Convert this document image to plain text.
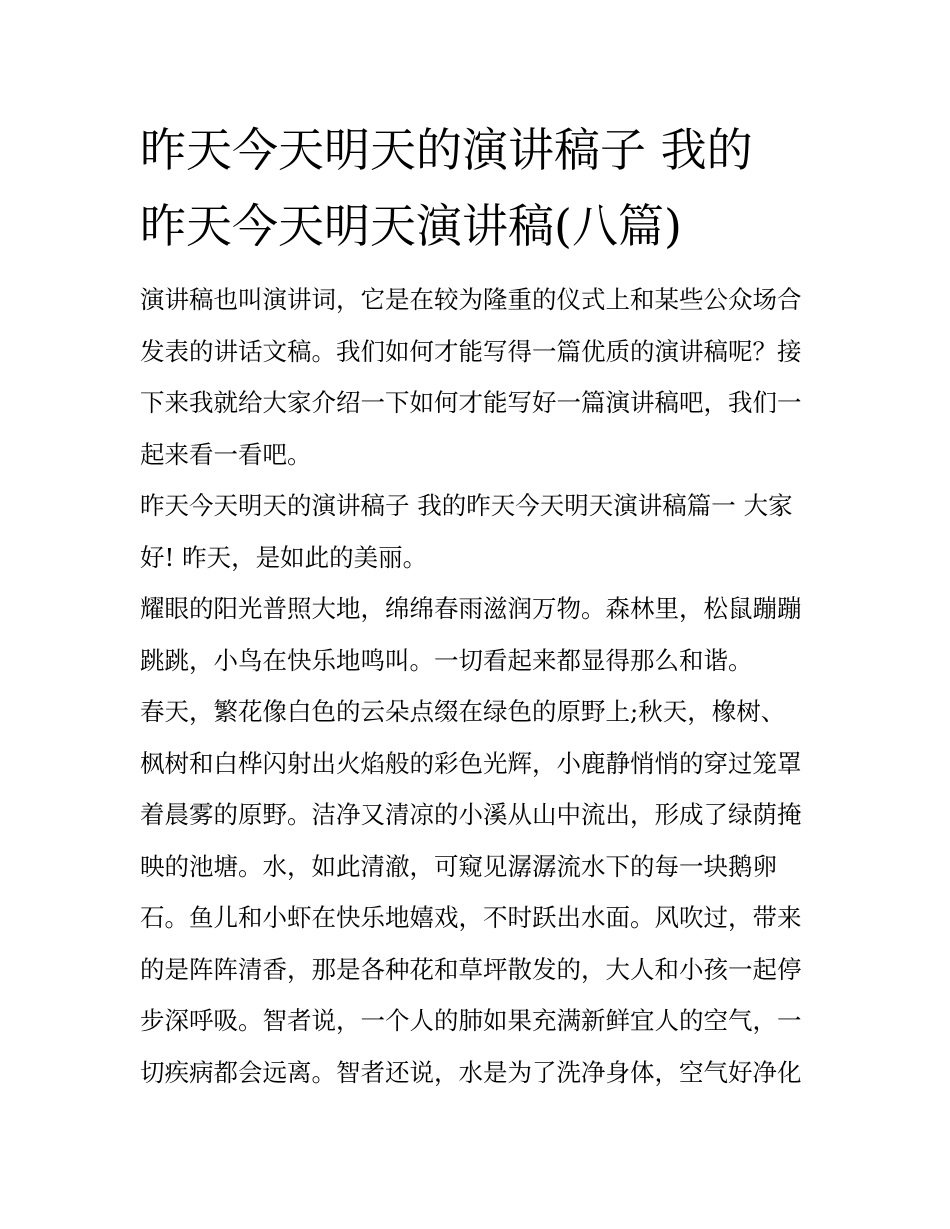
昨天今天明天的演讲稿子 我的
昨天今天明天演讲稿(八篇)

演讲稿也叫演讲词，它是在较为隆重的仪式上和某些公众场合
发表的讲话文稿。我们如何才能写得一篇优质的演讲稿呢？接
下来我就给大家介绍一下如何才能写好一篇演讲稿吧，我们一
起来看一看吧。

昨天今天明天的演讲稿子 我的昨天今天明天演讲稿篇一 大家
好! 昨天，是如此的美丽。

耀眼的阳光普照大地，绵绵春雨滋润万物。森林里，松鼠蹦蹦
跳跳，小鸟在快乐地鸣叫。一切看起来都显得那么和谐。

春天，繁花像白色的云朵点缀在绿色的原野上;秋天，橡树、
枫树和白桦闪射出火焰般的彩色光辉，小鹿静悄悄的穿过笼罩
着晨雾的原野。洁净又清凉的小溪从山中流出，形成了绿荫掩
映的池塘。水，如此清澈，可窥见潺潺流水下的每一块鹅卵
石。鱼儿和小虾在快乐地嬉戏，不时跃出水面。风吹过，带来
的是阵阵清香，那是各种花和草坪散发的，大人和小孩一起停
步深呼吸。智者说，一个人的肺如果充满新鲜宜人的空气，一
切疾病都会远离。智者还说，水是为了洗净身体，空气好净化
